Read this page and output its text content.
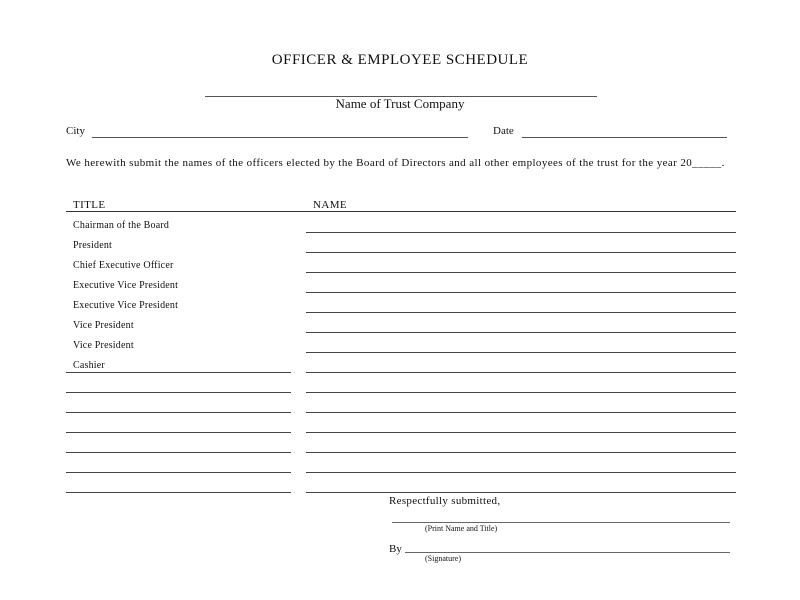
OFFICER & EMPLOYEE SCHEDULE
Name of Trust Company
City	Date
We herewith submit the names of the officers elected by the Board of Directors and all other employees of the trust for the year 20_____.
TITLE	NAME
Chairman of the Board
President
Chief Executive Officer
Executive Vice President
Executive Vice President
Vice President
Vice President
Cashier
Respectfully submitted,
(Print Name and Title)
By
(Signature)
